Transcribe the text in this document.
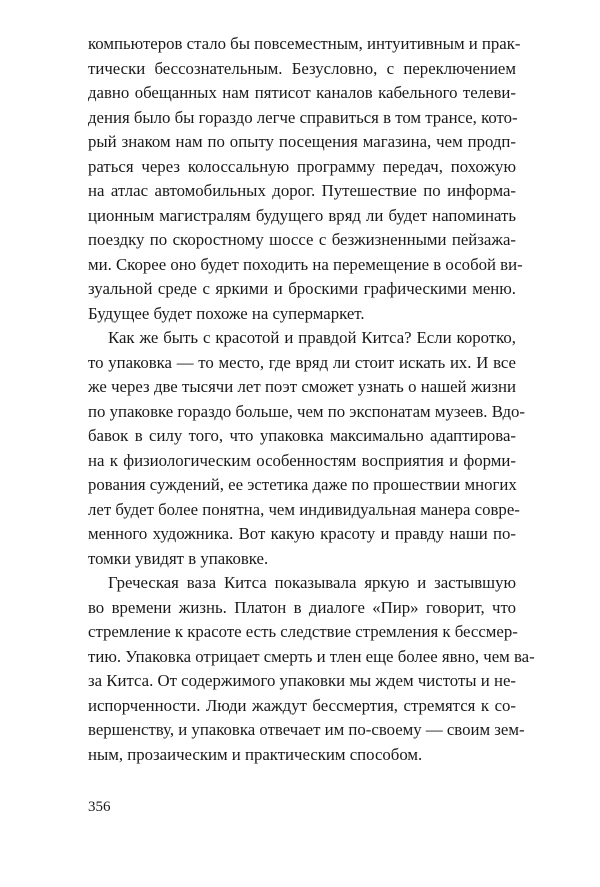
компьютеров стало бы повсеместным, интуитивным и прак-
тически бессознательным. Безусловно, с переключением
давно обещанных нам пятисот каналов кабельного телеви-
дения было бы гораздо легче справиться в том трансе, кото-
рый знаком нам по опыту посещения магазина, чем продп-
раться через колоссальную программу передач, похожую
на атлас автомобильных дорог. Путешествие по информа-
ционным магистралям будущего вряд ли будет напоминать
поездку по скоростному шоссе с безжизненными пейзажа-
ми. Скорее оно будет походить на перемещение в особой ви-
зуальной среде с яркими и броскими графическими меню.
Будущее будет похоже на супермаркет.
Как же быть с красотой и правдой Китса? Если коротко,
то упаковка — то место, где вряд ли стоит искать их. И все
же через две тысячи лет поэт сможет узнать о нашей жизни
по упаковке гораздо больше, чем по экспонатам музеев. Вдо-
бавок в силу того, что упаковка максимально адаптирова-
на к физиологическим особенностям восприятия и форми-
рования суждений, ее эстетика даже по прошествии многих
лет будет более понятна, чем индивидуальная манера совре-
менного художника. Вот какую красоту и правду наши по-
томки увидят в упаковке.
Греческая ваза Китса показывала яркую и застывшую
во времени жизнь. Платон в диалоге «Пир» говорит, что
стремление к красоте есть следствие стремления к бессмер-
тию. Упаковка отрицает смерть и тлен еще более явно, чем ва-
за Китса. От содержимого упаковки мы ждем чистоты и не-
испорченности. Люди жаждут бессмертия, стремятся к со-
вершенству, и упаковка отвечает им по-своему — своим зем-
ным, прозаическим и практическим способом.
356
